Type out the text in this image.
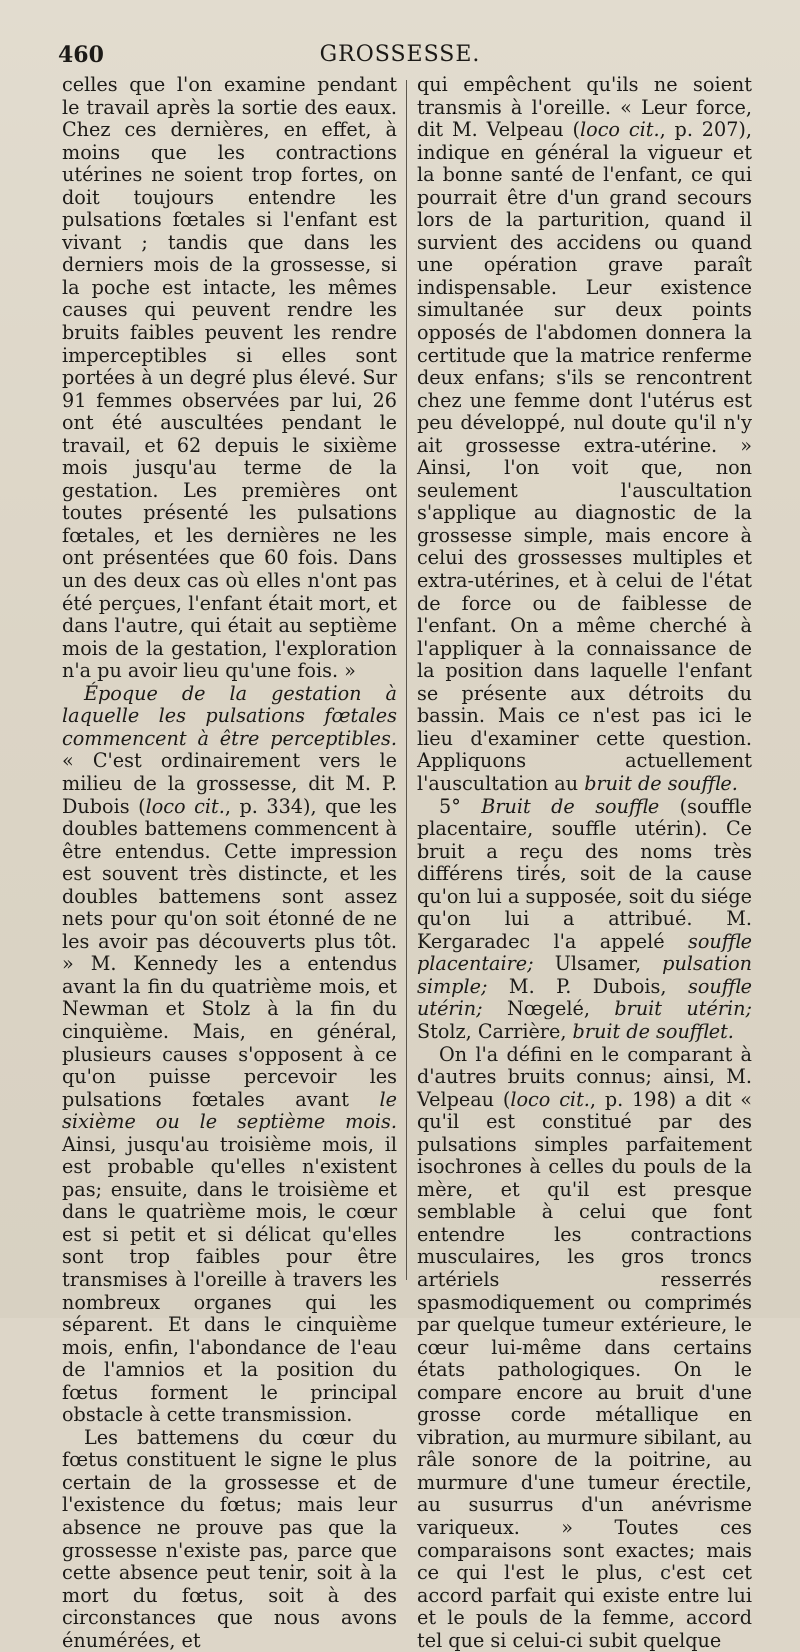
460	GROSSESSE.

celles que l'on examine pendant le travail après la sortie des eaux. Chez ces dernières, en effet, à moins que les contractions utérines ne soient trop fortes, on doit toujours entendre les pulsations fœtales si l'enfant est vivant ; tandis que dans les derniers mois de la grossesse, si la poche est intacte, les mêmes causes qui peuvent rendre les bruits faibles peuvent les rendre imperceptibles si elles sont portées à un degré plus élevé. Sur 91 femmes observées par lui, 26 ont été auscultées pendant le travail, et 62 depuis le sixième mois jusqu'au terme de la gestation. Les premières ont toutes présenté les pulsations fœtales, et les dernières ne les ont présentées que 60 fois. Dans un des deux cas où elles n'ont pas été perçues, l'enfant était mort, et dans l'autre, qui était au septième mois de la gestation, l'exploration n'a pu avoir lieu qu'une fois. »

Époque de la gestation à laquelle les pulsations fœtales commencent à être perceptibles. « C'est ordinairement vers le milieu de la grossesse, dit M. P. Dubois (loco cit., p. 334), que les doubles battemens commencent à être entendus. Cette impression est souvent très distincte, et les doubles battemens sont assez nets pour qu'on soit étonné de ne les avoir pas découverts plus tôt. » M. Kennedy les a entendus avant la fin du quatrième mois, et Newman et Stolz à la fin du cinquième. Mais, en général, plusieurs causes s'opposent à ce qu'on puisse percevoir les pulsations fœtales avant le sixième ou le septième mois. Ainsi, jusqu'au troisième mois, il est probable qu'elles n'existent pas; ensuite, dans le troisième et dans le quatrième mois, le cœur est si petit et si délicat qu'elles sont trop faibles pour être transmises à l'oreille à travers les nombreux organes qui les séparent. Et dans le cinquième mois, enfin, l'abondance de l'eau de l'amnios et la position du fœtus forment le principal obstacle à cette transmission.

Les battemens du cœur du fœtus constituent le signe le plus certain de la grossesse et de l'existence du fœtus; mais leur absence ne prouve pas que la grossesse n'existe pas, parce que cette absence peut tenir, soit à la mort du fœtus, soit à des circonstances que nous avons énumérées, et

qui empêchent qu'ils ne soient transmis à l'oreille. « Leur force, dit M. Velpeau (loco cit., p. 207), indique en général la vigueur et la bonne santé de l'enfant, ce qui pourrait être d'un grand secours lors de la parturition, quand il survient des accidens ou quand une opération grave paraît indispensable. Leur existence simultanée sur deux points opposés de l'abdomen donnera la certitude que la matrice renferme deux enfans; s'ils se rencontrent chez une femme dont l'utérus est peu développé, nul doute qu'il n'y ait grossesse extra-utérine. » Ainsi, l'on voit que, non seulement l'auscultation s'applique au diagnostic de la grossesse simple, mais encore à celui des grossesses multiples et extra-utérines, et à celui de l'état de force ou de faiblesse de l'enfant. On a même cherché à l'appliquer à la connaissance de la position dans laquelle l'enfant se présente aux détroits du bassin. Mais ce n'est pas ici le lieu d'examiner cette question. Appliquons actuellement l'auscultation au bruit de souffle.

5° Bruit de souffle (souffle placentaire, souffle utérin). Ce bruit a reçu des noms très différens tirés, soit de la cause qu'on lui a supposée, soit du siége qu'on lui a attribué. M. Kergaradec l'a appelé souffle placentaire; Ulsamer, pulsation simple; M. P. Dubois, souffle utérin; Nœgelé, bruit utérin; Stolz, Carrière, bruit de soufflet.

On l'a défini en le comparant à d'autres bruits connus; ainsi, M. Velpeau (loco cit., p. 198) a dit « qu'il est constitué par des pulsations simples parfaitement isochrones à celles du pouls de la mère, et qu'il est presque semblable à celui que font entendre les contractions musculaires, les gros troncs artériels resserrés spasmodiquement ou comprimés par quelque tumeur extérieure, le cœur lui-même dans certains états pathologiques. On le compare encore au bruit d'une grosse corde métallique en vibration, au murmure sibilant, au râle sonore de la poitrine, au murmure d'une tumeur érectile, au susurrus d'un anévrisme variqueux. » Toutes ces comparaisons sont exactes; mais ce qui l'est le plus, c'est cet accord parfait qui existe entre lui et le pouls de la femme, accord tel que si celui-ci subit quelque
